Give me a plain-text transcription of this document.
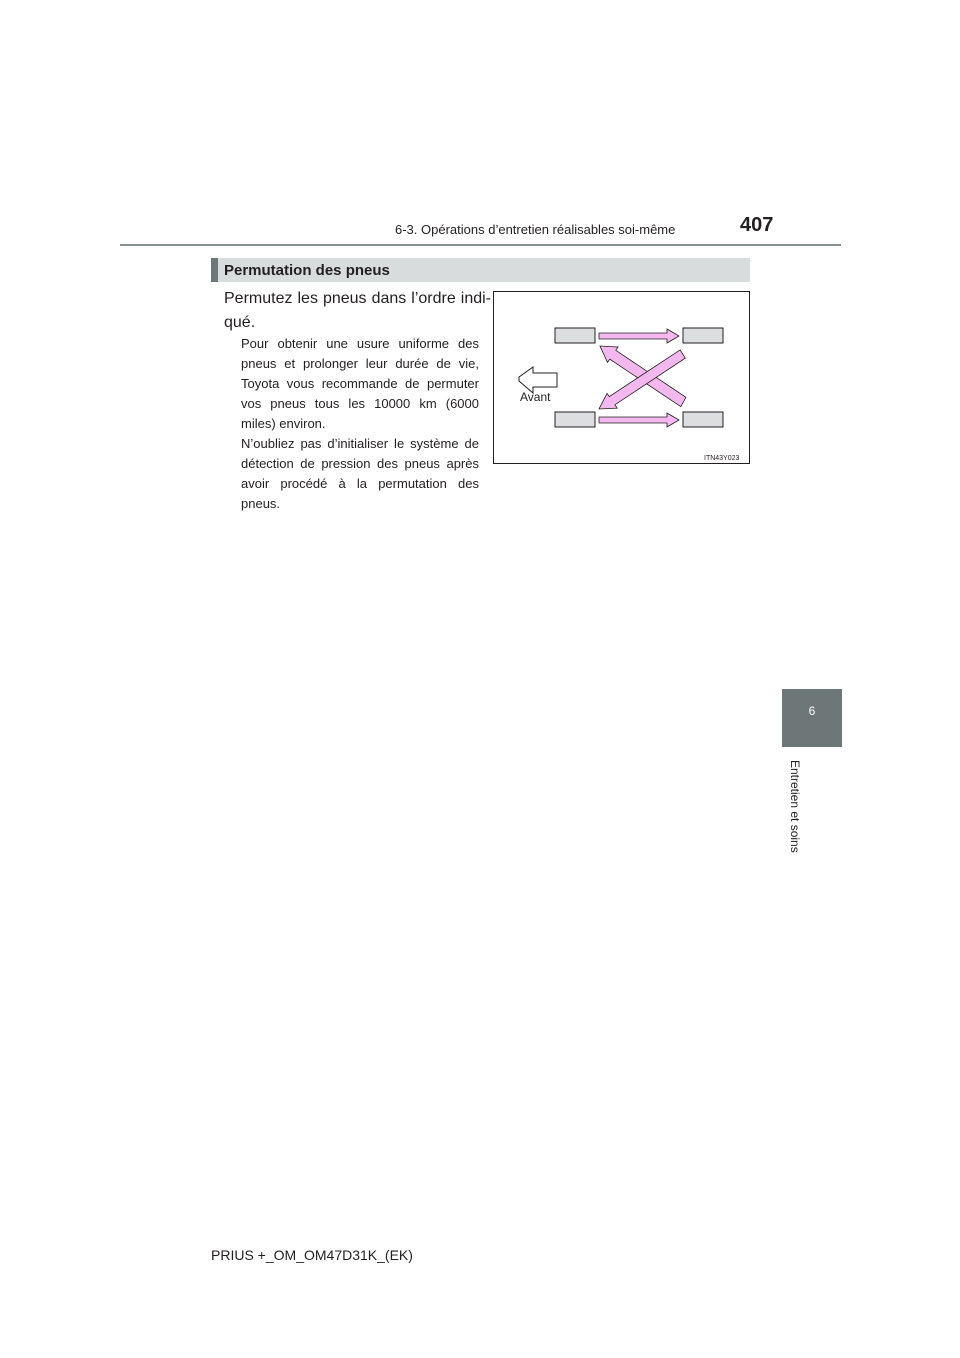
6-3. Opérations d’entretien réalisables soi-même	407
6
Entretien et soins
Permutation des pneus
Permutez les pneus dans l’ordre indi-qué.
Pour obtenir une usure uniforme des pneus et prolonger leur durée de vie, Toyota vous recommande de permuter vos pneus tous les 10000 km (6000 miles) environ.
N’oubliez pas d’initialiser le système de détection de pression des pneus après avoir procédé à la permutation des pneus.
Avant
ITN43Y023
PRIUS +_OM_OM47D31K_(EK)
